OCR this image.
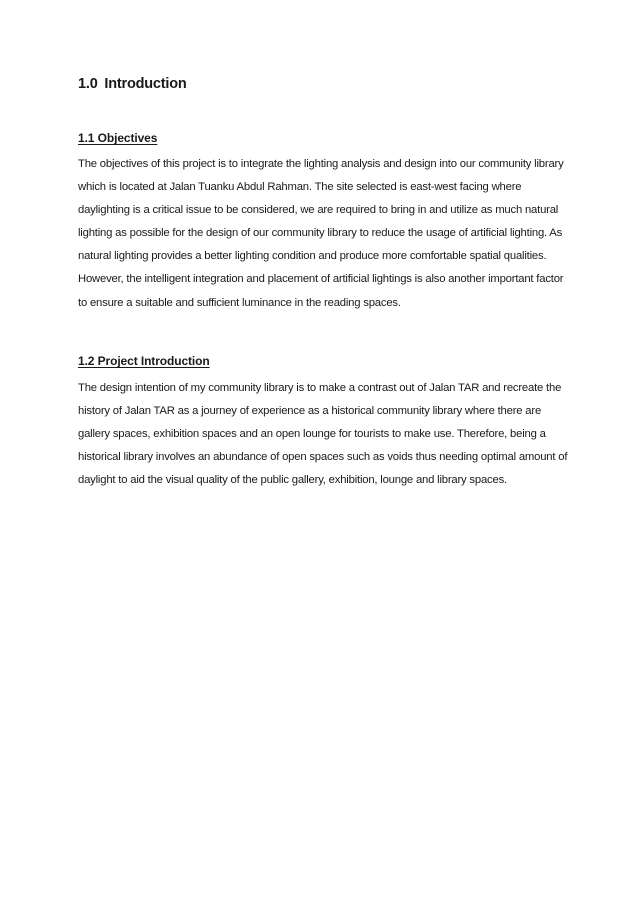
1.0 Introduction
1.1 Objectives

The objectives of this project is to integrate the lighting analysis and design into our community library
which is located at Jalan Tuanku Abdul Rahman. The site selected is east-west facing where
daylighting is a critical issue to be considered, we are required to bring in and utilize as much natural
lighting as possible for the design of our community library to reduce the usage of artificial lighting. As
natural lighting provides a better lighting condition and produce more comfortable spatial qualities.
However, the intelligent integration and placement of artificial lightings is also another important factor
to ensure a suitable and sufficient luminance in the reading spaces.

1.2 Project Introduction

The design intention of my community library is to make a contrast out of Jalan TAR and recreate the
history of Jalan TAR as a journey of experience as a historical community library where there are
gallery spaces, exhibition spaces and an open lounge for tourists to make use. Therefore, being a
historical library involves an abundance of open spaces such as voids thus needing optimal amount of
daylight to aid the visual quality of the public gallery, exhibition, lounge and library spaces.
